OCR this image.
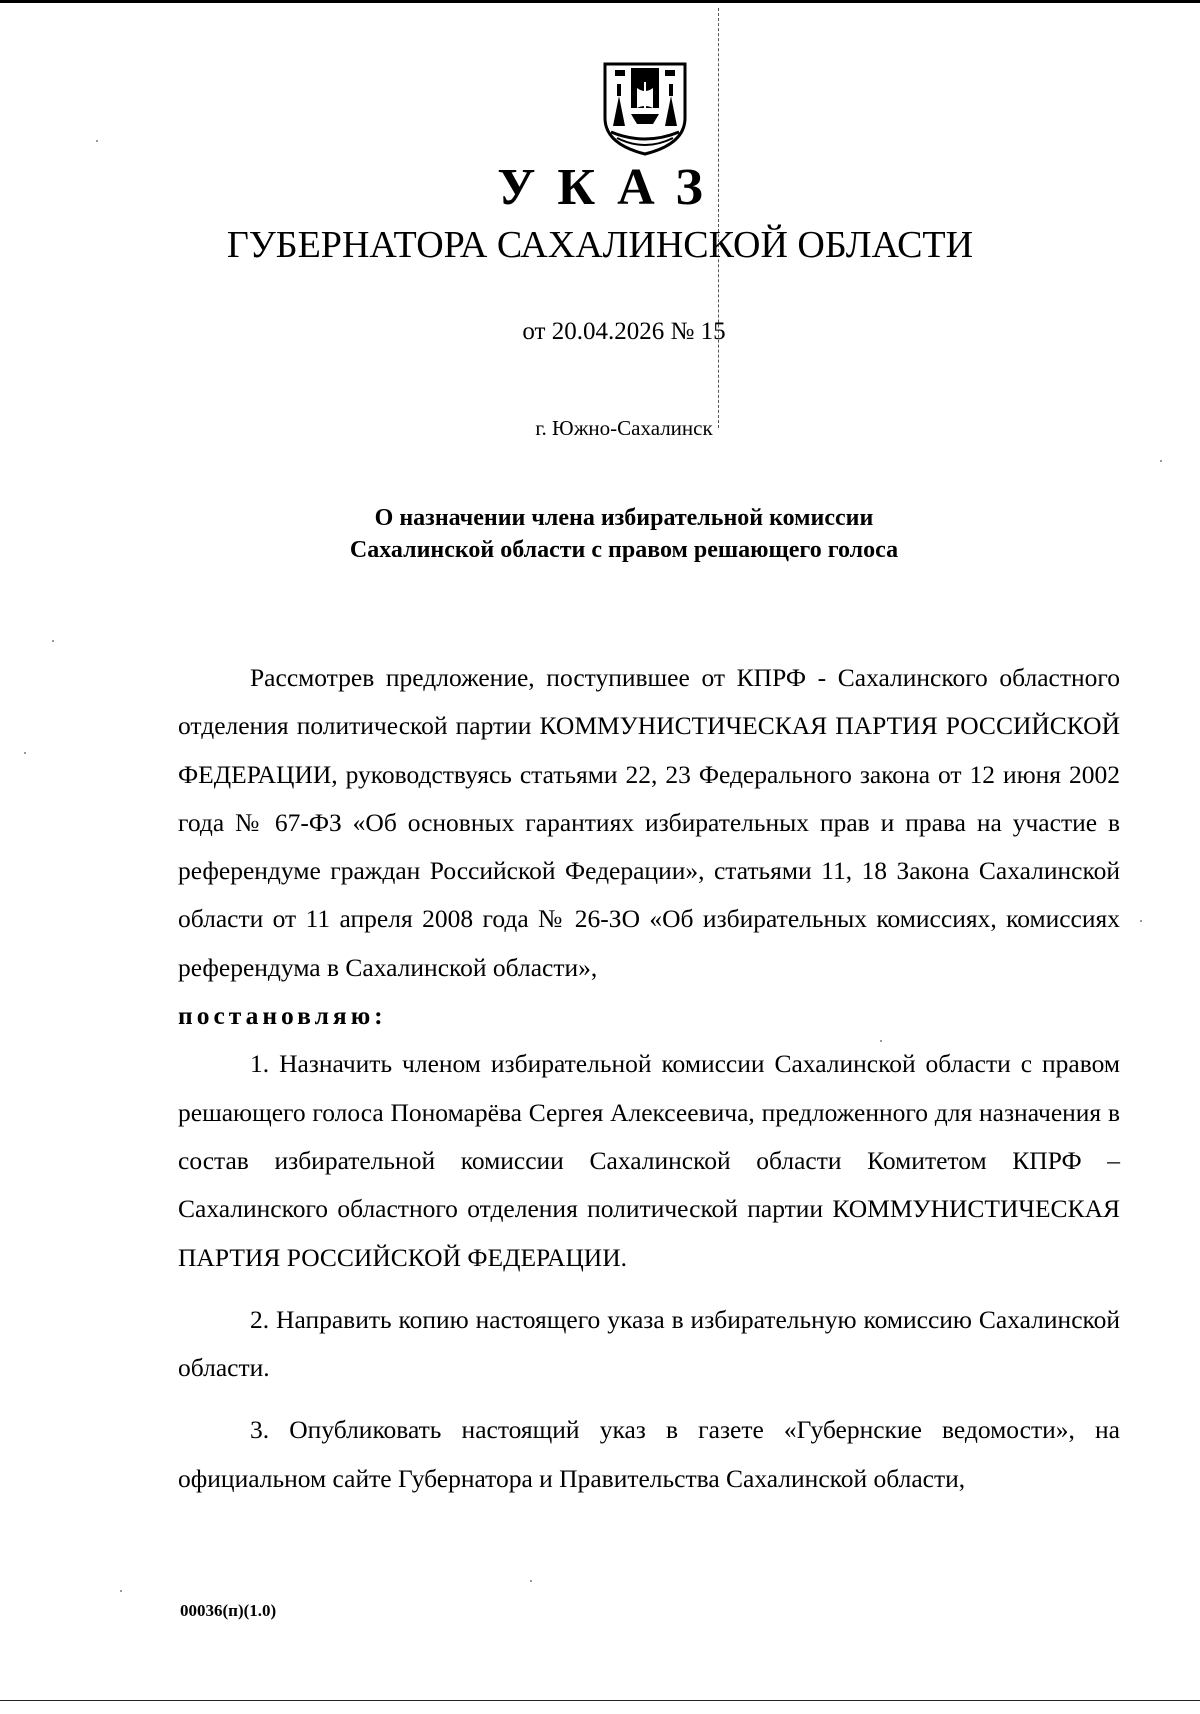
УКАЗ
ГУБЕРНАТОРА САХАЛИНСКОЙ ОБЛАСТИ
от 20.04.2026 № 15
г. Южно-Сахалинск
О назначении члена избирательной комиссии
Сахалинской области с правом решающего голоса

Рассмотрев предложение, поступившее от КПРФ - Сахалинского областного отделения политической партии КОММУНИСТИЧЕСКАЯ ПАРТИЯ РОССИЙСКОЙ ФЕДЕРАЦИИ, руководствуясь статьями 22, 23 Федерального закона от 12 июня 2002 года № 67-ФЗ «Об основных гарантиях избирательных прав и права на участие в референдуме граждан Российской Федерации», статьями 11, 18 Закона Сахалинской области от 11 апреля 2008 года № 26-ЗО «Об избирательных комиссиях, комиссиях референдума в Сахалинской области»,

постановляю:

1. Назначить членом избирательной комиссии Сахалинской области с правом решающего голоса Пономарёва Сергея Алексеевича, предложенного для назначения в состав избирательной комиссии Сахалинской области Комитетом КПРФ – Сахалинского областного отделения политической партии КОММУНИСТИЧЕСКАЯ ПАРТИЯ РОССИЙСКОЙ ФЕДЕРАЦИИ.

2. Направить копию настоящего указа в избирательную комиссию Сахалинской области.

3. Опубликовать настоящий указ в газете «Губернские ведомости», на официальном сайте Губернатора и Правительства Сахалинской области,

00036(п)(1.0)
